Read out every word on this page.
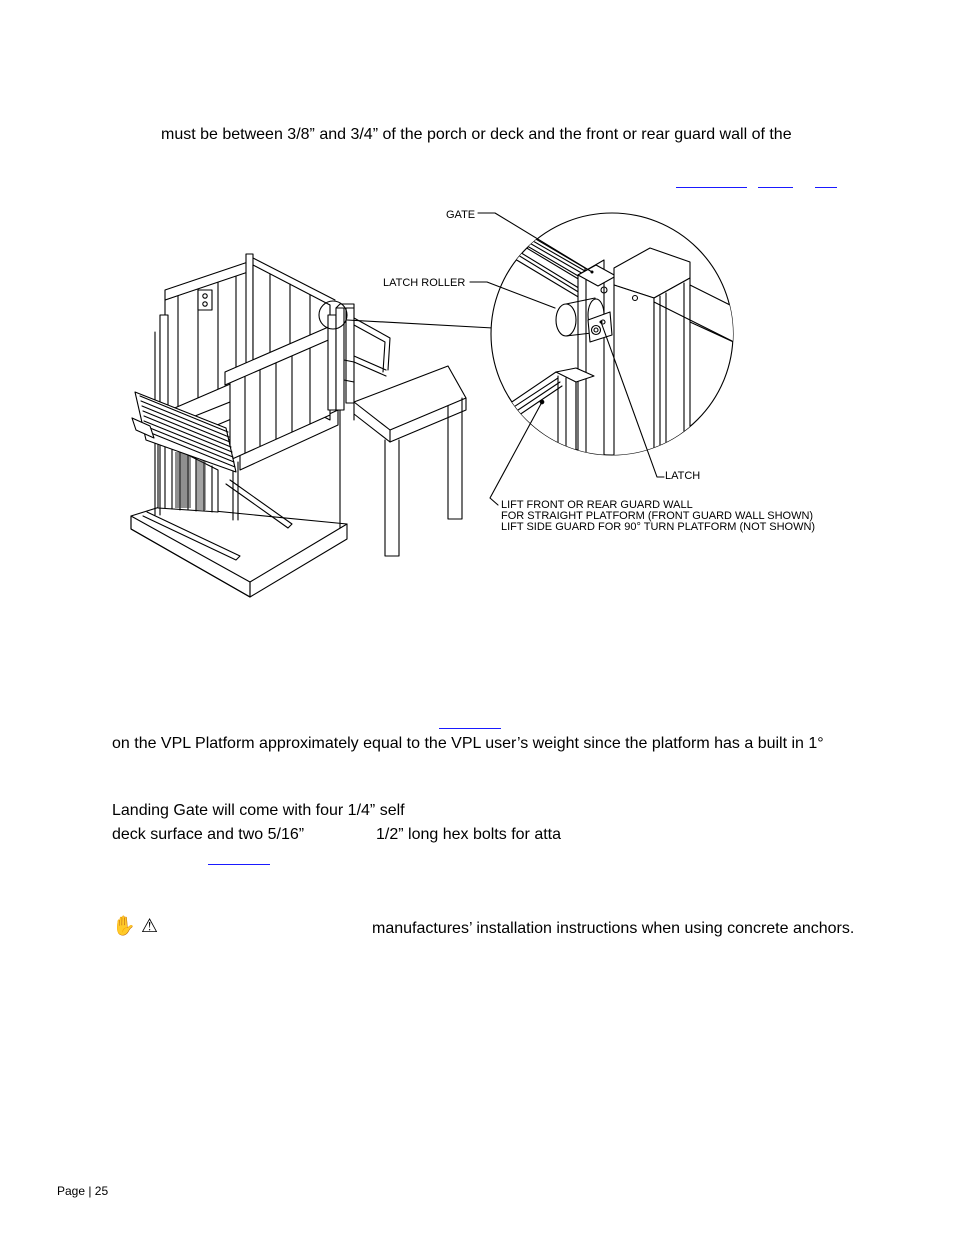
must be between 3/8” and 3/4” of the porch or deck and the front or rear guard wall of the
GATE
LATCH ROLLER
LATCH
LIFT FRONT OR REAR GUARD WALL
FOR STRAIGHT PLATFORM (FRONT GUARD WALL SHOWN)
LIFT SIDE GUARD FOR 90° TURN PLATFORM (NOT SHOWN)
on the VPL Platform approximately equal to the VPL user’s weight since the platform has a built in 1°
Landing Gate will come with four 1/4” self
deck surface and two 5/16”	1/2” long hex bolts for atta
✋ ⚠	manufactures’ installation instructions when using concrete anchors.
Page | 25
